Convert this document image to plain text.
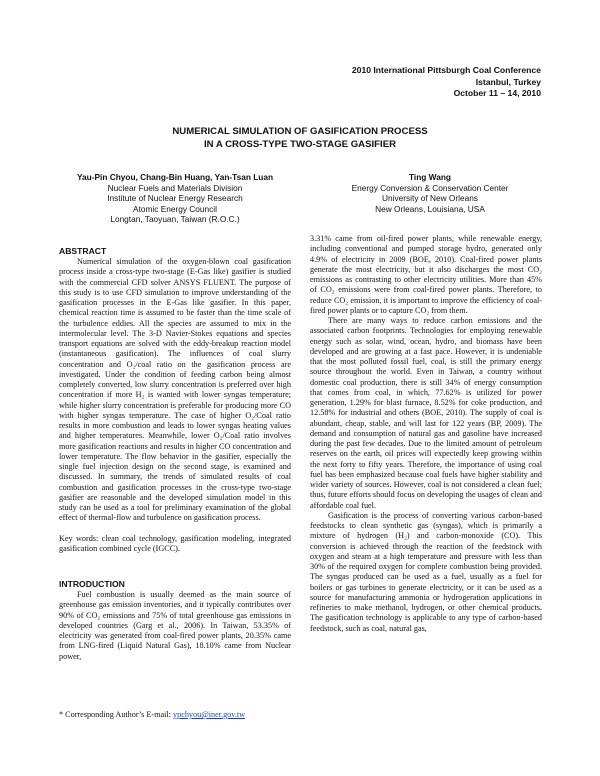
2010 International Pittsburgh Coal Conference
Istanbul, Turkey
October 11 – 14, 2010
NUMERICAL SIMULATION OF GASIFICATION PROCESS
IN A CROSS-TYPE TWO-STAGE GASIFIER
Yau-Pin Chyou, Chang-Bin Huang, Yan-Tsan Luan
Nuclear Fuels and Materials Division
Institute of Nuclear Energy Research
Atomic Energy Council
Longtan, Taoyuan, Taiwan (R.O.C.)
Ting Wang
Energy Conversion & Conservation Center
University of New Orleans
New Orleans, Louisiana, USA
ABSTRACT

Numerical simulation of the oxygen-blown coal gasification process inside a cross-type two-stage (E-Gas like) gasifier is studied with the commercial CFD solver ANSYS FLUENT. The purpose of this study is to use CFD simulation to improve understanding of the gasification processes in the E-Gas like gasifier. In this paper, chemical reaction time is assumed to be faster than the time scale of the turbulence eddies. All the species are assumed to mix in the intermolecular level. The 3-D Navier-Stokes equations and species transport equations are solved with the eddy-breakup reaction model (instantaneous gasification). The influences of coal slurry concentration and O₂/coal ratio on the gasification process are investigated. Under the condition of feeding carbon being almost completely converted, low slurry concentration is preferred over high concentration if more H₂ is wanted with lower syngas temperature; while higher slurry concentration is preferable for producing more CO with higher syngas temperature. The case of higher O₂/Coal ratio results in more combustion and leads to lower syngas heating values and higher temperatures. Meanwhile, lower O₂/Coal ratio involves more gasification reactions and results in higher CO concentration and lower temperature. The flow behavior in the gasifier, especially the single fuel injection design on the second stage, is examined and discussed. In summary, the trends of simulated results of coal combustion and gasification processes in the cross-type two-stage gasifier are reasonable and the developed simulation model in this study can be used as a tool for preliminary examination of the global effect of thermal-flow and turbulence on gasification process.

Key words: clean coal technology, gasification modeling, integrated gasification combined cycle (IGCC).

INTRODUCTION

Fuel combustion is usually deemed as the main source of greenhouse gas emission inventories, and it typically contributes over 90% of CO₂ emissions and 75% of total greenhouse gas emissions in developed countries (Garg et al., 2006). In Taiwan, 53.35% of electricity was generated from coal-fired power plants, 20.35% came from LNG-fired (Liquid Natural Gas), 18.10% came from Nuclear power,

* Corresponding Author’s E-mail: ypchyou@iner.gov.tw

3.31% came from oil-fired power plants, while renewable energy, including conventional and pumped storage hydro, generated only 4.9% of electricity in 2009 (BOE, 2010). Coal-fired power plants generate the most electricity, but it also discharges the most CO₂ emissions as contrasting to other electricity utilities. More than 45% of CO₂ emissions were from coal-fired power plants. Therefore, to reduce CO₂ emission, it is important to improve the efficiency of coal-fired power plants or to capture CO₂ from them.

There are many ways to reduce carbon emissions and the associated carbon footprints. Technologies for employing renewable energy such as solar, wind, ocean, hydro, and biomass have been developed and are growing at a fast pace. However, it is undeniable that the most polluted fossil fuel, coal, is still the primary energy source throughout the world. Even in Taiwan, a country without domestic coal production, there is still 34% of energy consumption that comes from coal, in which, 77.62% is utilized for power generation, 1.29% for blast furnace, 8.52% for coke production, and 12.58% for industrial and others (BOE, 2010). The supply of coal is abundant, cheap, stable, and will last for 122 years (BP, 2009). The demand and consumption of natural gas and gasoline have increased during the past few decades. Due to the limited amount of petroleum reserves on the earth, oil prices will expectedly keep growing within the next forty to fifty years. Therefore, the importance of using coal fuel has been emphasized because coal fuels have higher stability and wider variety of sources. However, coal is not considered a clean fuel; thus, future efforts should focus on developing the usages of clean and affordable coal fuel.

Gasification is the process of converting various carbon-based feedstocks to clean synthetic gas (syngas), which is primarily a mixture of hydrogen (H₂) and carbon-monoxide (CO). This conversion is achieved through the reaction of the feedstock with oxygen and steam at a high temperature and pressure with less than 30% of the required oxygen for complete combustion being provided. The syngas produced can be used as a fuel, usually as a fuel for boilers or gas turbines to generate electricity, or it can be used as a source for manufacturing ammonia or hydrogeration applications in refineries to make methanol, hydrogen, or other chemical products. The gasification technology is applicable to any type of carbon-based feedstock, such as coal, natural gas,
